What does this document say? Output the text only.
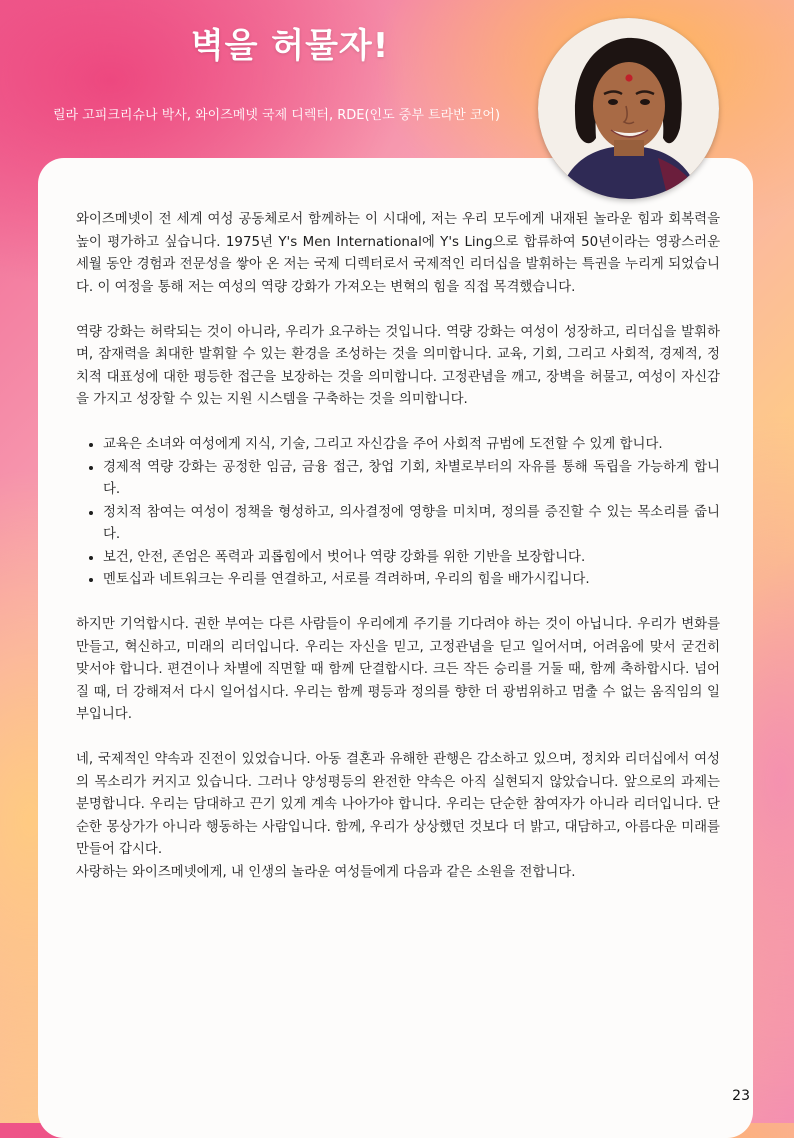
벽을 허물자!

릴라 고피크리슈나 박사, 와이즈메넷 국제 디렉터, RDE(인도 중부 트라반 코어)

와이즈메넷이 전 세계 여성 공동체로서 함께하는 이 시대에, 저는 우리 모두에게 내재된 놀라운 힘과 회복력을 높이 평가하고 싶습니다. 1975년 Y's Men International에 Y's Ling으로 합류하여 50년이라는 영광스러운 세월 동안 경험과 전문성을 쌓아 온 저는 국제 디렉터로서 국제적인 리더십을 발휘하는 특권을 누리게 되었습니다. 이 여정을 통해 저는 여성의 역량 강화가 가져오는 변혁의 힘을 직접 목격했습니다.

역량 강화는 허락되는 것이 아니라, 우리가 요구하는 것입니다. 역량 강화는 여성이 성장하고, 리더십을 발휘하며, 잠재력을 최대한 발휘할 수 있는 환경을 조성하는 것을 의미합니다. 교육, 기회, 그리고 사회적, 경제적, 정치적 대표성에 대한 평등한 접근을 보장하는 것을 의미합니다. 고정관념을 깨고, 장벽을 허물고, 여성이 자신감을 가지고 성장할 수 있는 지원 시스템을 구축하는 것을 의미합니다.

• 교육은 소녀와 여성에게 지식, 기술, 그리고 자신감을 주어 사회적 규범에 도전할 수 있게 합니다.
• 경제적 역량 강화는 공정한 임금, 금융 접근, 창업 기회, 차별로부터의 자유를 통해 독립을 가능하게 합니다.
• 정치적 참여는 여성이 정책을 형성하고, 의사결정에 영향을 미치며, 정의를 증진할 수 있는 목소리를 줍니다.
• 보건, 안전, 존엄은 폭력과 괴롭힘에서 벗어나 역량 강화를 위한 기반을 보장합니다.
• 멘토십과 네트워크는 우리를 연결하고, 서로를 격려하며, 우리의 힘을 배가시킵니다.

하지만 기억합시다. 권한 부여는 다른 사람들이 우리에게 주기를 기다려야 하는 것이 아닙니다. 우리가 변화를 만들고, 혁신하고, 미래의 리더입니다. 우리는 자신을 믿고, 고정관념을 딛고 일어서며, 어려움에 맞서 굳건히 맞서야 합니다. 편견이나 차별에 직면할 때 함께 단결합시다. 크든 작든 승리를 거둘 때, 함께 축하합시다. 넘어질 때, 더 강해져서 다시 일어섭시다. 우리는 함께 평등과 정의를 향한 더 광범위하고 멈출 수 없는 움직임의 일부입니다.

네, 국제적인 약속과 진전이 있었습니다. 아동 결혼과 유해한 관행은 감소하고 있으며, 정치와 리더십에서 여성의 목소리가 커지고 있습니다. 그러나 양성평등의 완전한 약속은 아직 실현되지 않았습니다. 앞으로의 과제는 분명합니다. 우리는 담대하고 끈기 있게 계속 나아가야 합니다. 우리는 단순한 참여자가 아니라 리더입니다. 단순한 몽상가가 아니라 행동하는 사람입니다. 함께, 우리가 상상했던 것보다 더 밝고, 대담하고, 아름다운 미래를 만들어 갑시다.

사랑하는 와이즈메넷에게, 내 인생의 놀라운 여성들에게 다음과 같은 소원을 전합니다.

23
